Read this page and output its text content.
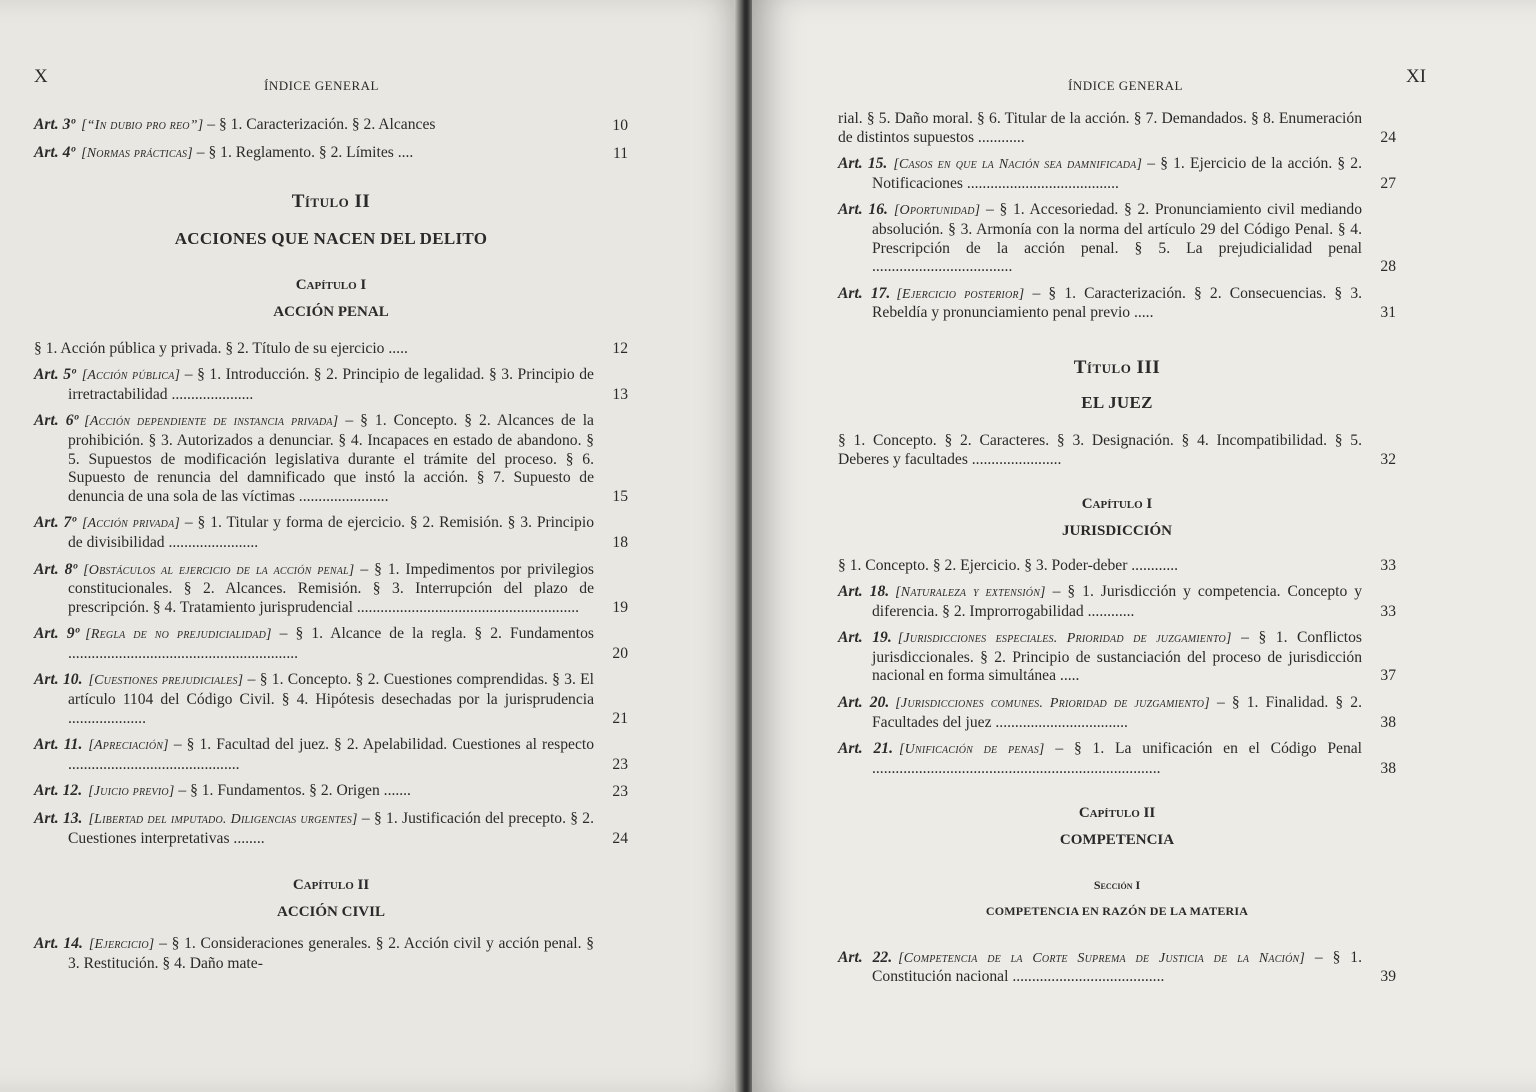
X	ÍNDICE GENERAL
Art. 3º [“In dubio pro reo”] – § 1. Caracterización. § 2. Alcances	10
Art. 4º [Normas prácticas] – § 1. Reglamento. § 2. Límites ....	11
Título II
ACCIONES QUE NACEN DEL DELITO
Capítulo I
ACCIÓN PENAL
§ 1. Acción pública y privada. § 2. Título de su ejercicio .....	12
Art. 5º [Acción pública] – § 1. Introducción. § 2. Principio de legalidad. § 3. Principio de irretractabilidad .....................	13
Art. 6º [Acción dependiente de instancia privada] – § 1. Concepto. § 2. Alcances de la prohibición. § 3. Autorizados a denunciar. § 4. Incapaces en estado de abandono. § 5. Supuestos de modificación legislativa durante el trámite del proceso. § 6. Supuesto de renuncia del damnificado que instó la acción. § 7. Supuesto de denuncia de una sola de las víctimas .......................	15
Art. 7º [Acción privada] – § 1. Titular y forma de ejercicio. § 2. Remisión. § 3. Principio de divisibilidad .......................	18
Art. 8º [Obstáculos al ejercicio de la acción penal] – § 1. Impedimentos por privilegios constitucionales. § 2. Alcances. Remisión. § 3. Interrupción del plazo de prescripción. § 4. Tratamiento jurisprudencial .........................................................	19
Art. 9º [Regla de no prejudicialidad] – § 1. Alcance de la regla. § 2. Fundamentos ...........................................................	20
Art. 10. [Cuestiones prejudiciales] – § 1. Concepto. § 2. Cuestiones comprendidas. § 3. El artículo 1104 del Código Civil. § 4. Hipótesis desechadas por la jurisprudencia ....................	21
Art. 11. [Apreciación] – § 1. Facultad del juez. § 2. Apelabilidad. Cuestiones al respecto ............................................	23
Art. 12. [Juicio previo] – § 1. Fundamentos. § 2. Origen .......	23
Art. 13. [Libertad del imputado. Diligencias urgentes] – § 1. Justificación del precepto. § 2. Cuestiones interpretativas ........	24
Capítulo II
ACCIÓN CIVIL
Art. 14. [Ejercicio] – § 1. Consideraciones generales. § 2. Acción civil y acción penal. § 3. Restitución. § 4. Daño mate-
ÍNDICE GENERAL	XI
rial. § 5. Daño moral. § 6. Titular de la acción. § 7. Demandados. § 8. Enumeración de distintos supuestos ............	24
Art. 15. [Casos en que la Nación sea damnificada] – § 1. Ejercicio de la acción. § 2. Notificaciones .......................................	27
Art. 16. [Oportunidad] – § 1. Accesoriedad. § 2. Pronunciamiento civil mediando absolución. § 3. Armonía con la norma del artículo 29 del Código Penal. § 4. Prescripción de la acción penal. § 5. La prejudicialidad penal ....................................	28
Art. 17. [Ejercicio posterior] – § 1. Caracterización. § 2. Consecuencias. § 3. Rebeldía y pronunciamiento penal previo .....	31
Título III
EL JUEZ
§ 1. Concepto. § 2. Caracteres. § 3. Designación. § 4. Incompatibilidad. § 5. Deberes y facultades .......................	32
Capítulo I
JURISDICCIÓN
§ 1. Concepto. § 2. Ejercicio. § 3. Poder-deber ............	33
Art. 18. [Naturaleza y extensión] – § 1. Jurisdicción y competencia. Concepto y diferencia. § 2. Improrrogabilidad ............	33
Art. 19. [Jurisdicciones especiales. Prioridad de juzgamiento] – § 1. Conflictos jurisdiccionales. § 2. Principio de sustanciación del proceso de jurisdicción nacional en forma simultánea .....	37
Art. 20. [Jurisdicciones comunes. Prioridad de juzgamiento] – § 1. Finalidad. § 2. Facultades del juez ..................................	38
Art. 21. [Unificación de penas] – § 1. La unificación en el Código Penal ..........................................................................	38
Capítulo II
COMPETENCIA
Sección I
COMPETENCIA EN RAZÓN DE LA MATERIA
Art. 22. [Competencia de la Corte Suprema de Justicia de la Nación] – § 1. Constitución nacional .......................................	39
